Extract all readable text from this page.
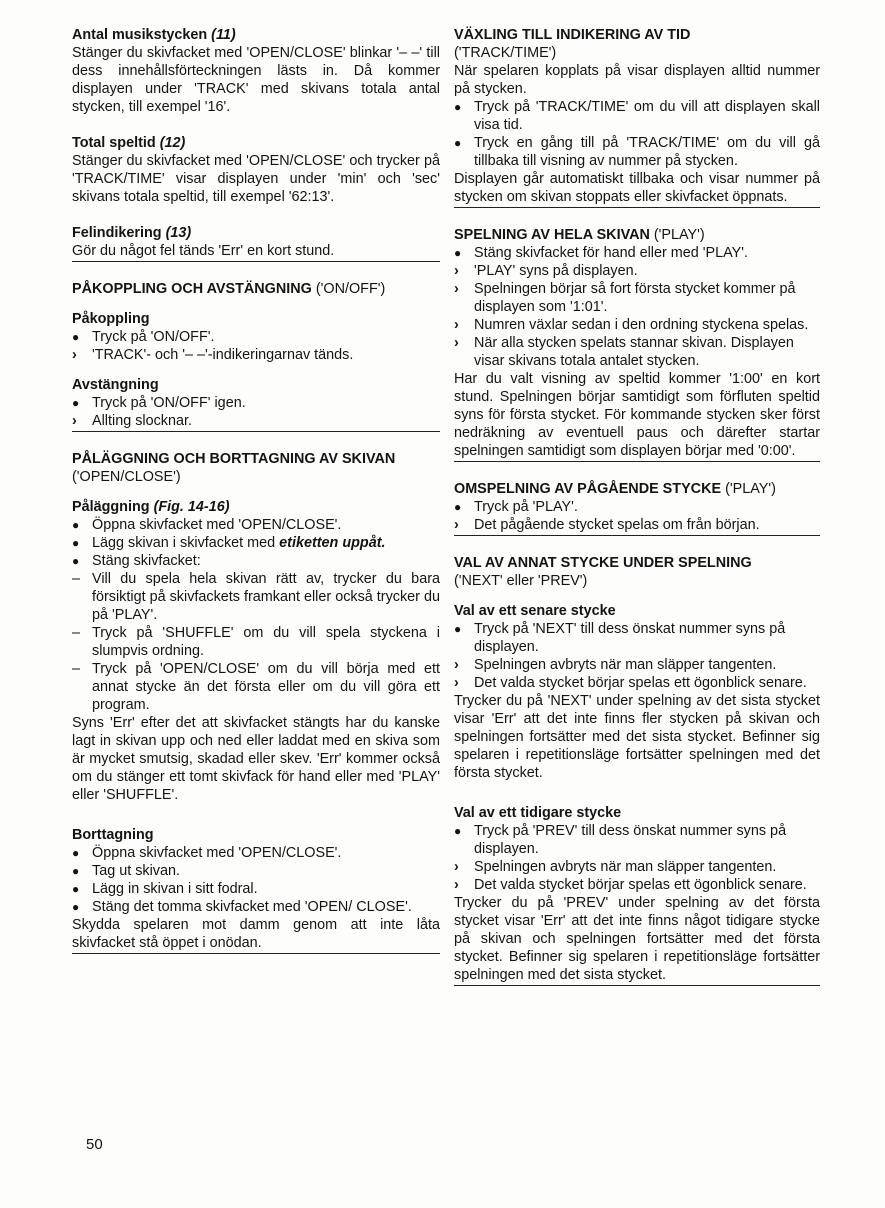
Antal musikstycken (11)
Stänger du skivfacket med 'OPEN/CLOSE' blinkar '– –' till dess innehållsförteckningen lästs in. Då kommer displayen under 'TRACK' med skivans totala antal stycken, till exempel '16'.
Total speltid (12)
Stänger du skivfacket med 'OPEN/CLOSE' och trycker på 'TRACK/TIME' visar displayen under 'min' och 'sec' skivans totala speltid, till exempel '62:13'.
Felindikering (13)
Gör du något fel tänds 'Err' en kort stund.
PÅKOPPLING OCH AVSTÄNGNING ('ON/OFF')
Påkoppling
●
Tryck på 'ON/OFF'.
›
'TRACK'- och '– –'-indikeringarnav tänds.
Avstängning
●
Tryck på 'ON/OFF' igen.
›
Allting slocknar.
PÅLÄGGNING OCH BORTTAGNING AV SKIVAN
('OPEN/CLOSE')
Påläggning (Fig. 14-16)
●
Öppna skivfacket med 'OPEN/CLOSE'.
●
Lägg skivan i skivfacket med etiketten uppåt.
●
Stäng skivfacket:
–
Vill du spela hela skivan rätt av, trycker du bara försiktigt på skivfackets framkant eller också trycker du på 'PLAY'.
–
Tryck på 'SHUFFLE' om du vill spela styckena i slumpvis ordning.
–
Tryck på 'OPEN/CLOSE' om du vill börja med ett annat stycke än det första eller om du vill göra ett program.
Syns 'Err' efter det att skivfacket stängts har du kanske lagt in skivan upp och ned eller laddat med en skiva som är mycket smutsig, skadad eller skev. 'Err' kommer också om du stänger ett tomt skivfack för hand eller med 'PLAY' eller 'SHUFFLE'.
Borttagning
●
Öppna skivfacket med 'OPEN/CLOSE'.
●
Tag ut skivan.
●
Lägg in skivan i sitt fodral.
●
Stäng det tomma skivfacket med 'OPEN/ CLOSE'.
Skydda spelaren mot damm genom att inte låta skivfacket stå öppet i onödan.
VÄXLING TILL INDIKERING AV TID
('TRACK/TIME')
När spelaren kopplats på visar displayen alltid nummer på stycken.
●
Tryck på 'TRACK/TIME' om du vill att displayen skall visa tid.
●
Tryck en gång till på 'TRACK/TIME' om du vill gå tillbaka till visning av nummer på stycken.
Displayen går automatiskt tillbaka och visar nummer på stycken om skivan stoppats eller skivfacket öppnats.
SPELNING AV HELA SKIVAN ('PLAY')
●
Stäng skivfacket för hand eller med 'PLAY'.
›
'PLAY' syns på displayen.
›
Spelningen börjar så fort första stycket kommer på displayen som '1:01'.
›
Numren växlar sedan i den ordning styckena spelas.
›
När alla stycken spelats stannar skivan. Displayen visar skivans totala antalet stycken.
Har du valt visning av speltid kommer '1:00' en kort stund. Spelningen börjar samtidigt som förfluten speltid syns för första stycket. För kommande stycken sker först nedräkning av eventuell paus och därefter startar spelningen samtidigt som displayen börjar med '0:00'.
OMSPELNING AV PÅGÅENDE STYCKE ('PLAY')
●
Tryck på 'PLAY'.
›
Det pågående stycket spelas om från början.
VAL AV ANNAT STYCKE UNDER SPELNING
('NEXT' eller 'PREV')
Val av ett senare stycke
●
Tryck på 'NEXT' till dess önskat nummer syns på displayen.
›
Spelningen avbryts när man släpper tangenten.
›
Det valda stycket börjar spelas ett ögonblick senare.
Trycker du på 'NEXT' under spelning av det sista stycket visar 'Err' att det inte finns fler stycken på skivan och spelningen fortsätter med det sista stycket. Befinner sig spelaren i repetitionsläge fortsätter spelningen med det första stycket.
Val av ett tidigare stycke
●
Tryck på 'PREV' till dess önskat nummer syns på displayen.
›
Spelningen avbryts när man släpper tangenten.
›
Det valda stycket börjar spelas ett ögonblick senare.
Trycker du på 'PREV' under spelning av det första stycket visar 'Err' att det inte finns något tidigare stycke på skivan och spelningen fortsätter med det första stycket. Befinner sig spelaren i repetitionsläge fortsätter spelningen med det sista stycket.
50
